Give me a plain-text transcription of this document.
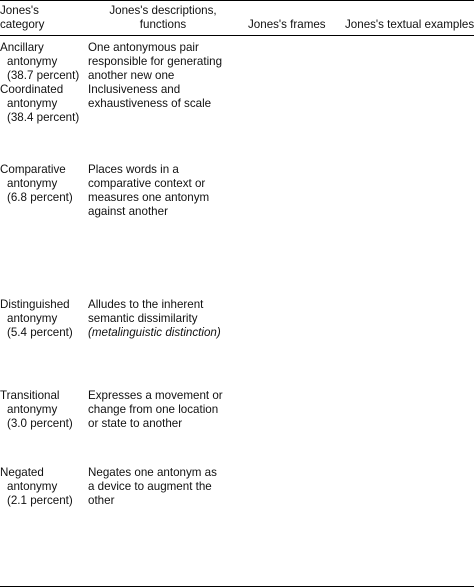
Jones's

category

Jones's descriptions,

functions	Jones's frames Jones's textual examples

Ancillary

antonymy

(38.7 percent)

One antonymous pair

responsible for generating

another new one

Coordinated

antonymy

(38.4 percent)

Inclusiveness and

exhaustiveness of scale

Comparative

antonymy

(6.8 percent)

Places words in a

comparative context or

measures one antonym

against another

Distinguished

antonymy

(5.4 percent)

Alludes to the inherent

semantic dissimilarity

(metalinguistic distinction)

Transitional

antonymy

(3.0 percent)

Expresses a movement or

change from one location

or state to another

Negated

antonymy

(2.1 percent)

Negates one antonym as

a device to augment the

other
